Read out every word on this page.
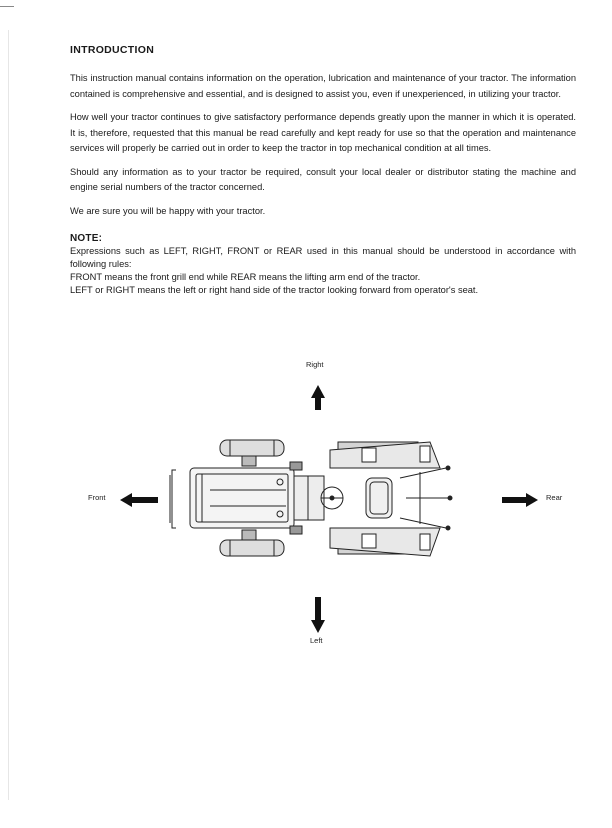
INTRODUCTION

This instruction manual contains information on the operation, lubrication and maintenance of your tractor. The information contained is comprehensive and essential, and is designed to assist you, even if unexperienced, in utilizing your tractor.

How well your tractor continues to give satisfactory performance depends greatly upon the manner in which it is operated. It is, therefore, requested that this manual be read carefully and kept ready for use so that the operation and maintenance services will properly be carried out in order to keep the tractor in top mechanical condition at all times.

Should any information as to your tractor be required, consult your local dealer or distributor stating the machine and engine serial numbers of the tractor concerned.

We are sure you will be happy with your tractor.

NOTE:

Expressions such as LEFT, RIGHT, FRONT or REAR used in this manual should be understood in accordance with following rules:

FRONT means the front grill end while REAR means the lifting arm end of the tractor.

LEFT or RIGHT means the left or right hand side of the tractor looking forward from operator's seat.

Right
Left
Front	Rear
